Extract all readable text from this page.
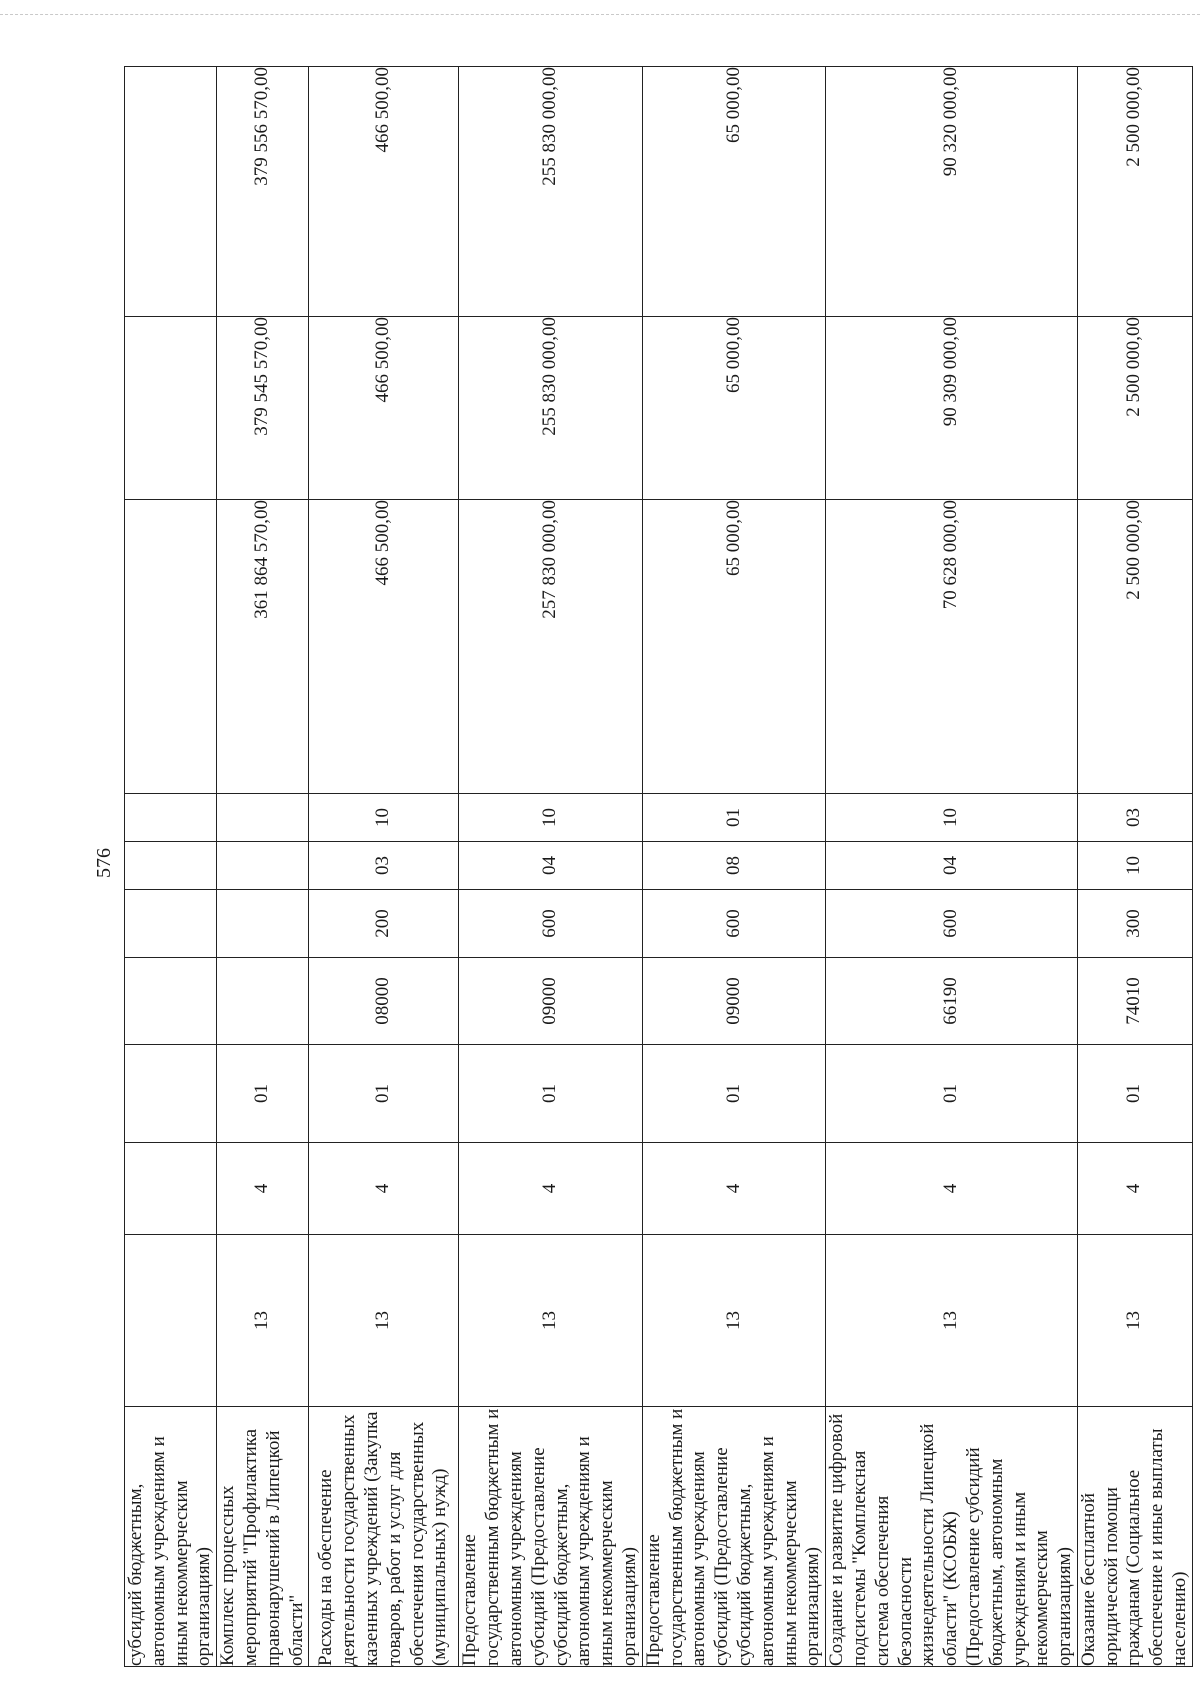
576
субсидий бюджетным, автономным учреждениям и иным некоммерческим организациям)										
Комплекс процессных мероприятий "Профилактика правонарушений в Липецкой области"	13	4	01					361 864 570,00	379 545 570,00	379 556 570,00
Расходы на обеспечение деятельности государственных казенных учреждений (Закупка товаров, работ и услуг для обеспечения государственных (муниципальных) нужд)	13	4	01	08000	200	03	10	466 500,00	466 500,00	466 500,00
Предоставление государственным бюджетным и автономным учреждениям субсидий (Предоставление субсидий бюджетным, автономным учреждениям и иным некоммерческим организациям)	13	4	01	09000	600	04	10	257 830 000,00	255 830 000,00	255 830 000,00
Предоставление государственным бюджетным и автономным учреждениям субсидий (Предоставление субсидий бюджетным, автономным учреждениям и иным некоммерческим организациям)	13	4	01	09000	600	08	01	65 000,00	65 000,00	65 000,00
Создание и развитие цифровой подсистемы "Комплексная система обеспечения безопасности жизнедеятельности Липецкой области" (КСОБЖ) (Предоставление субсидий бюджетным, автономным учреждениям и иным некоммерческим организациям)	13	4	01	66190	600	04	10	70 628 000,00	90 309 000,00	90 320 000,00
Оказание бесплатной юридической помощи гражданам (Социальное обеспечение и иные выплаты населению)	13	4	01	74010	300	10	03	2 500 000,00	2 500 000,00	2 500 000,00
